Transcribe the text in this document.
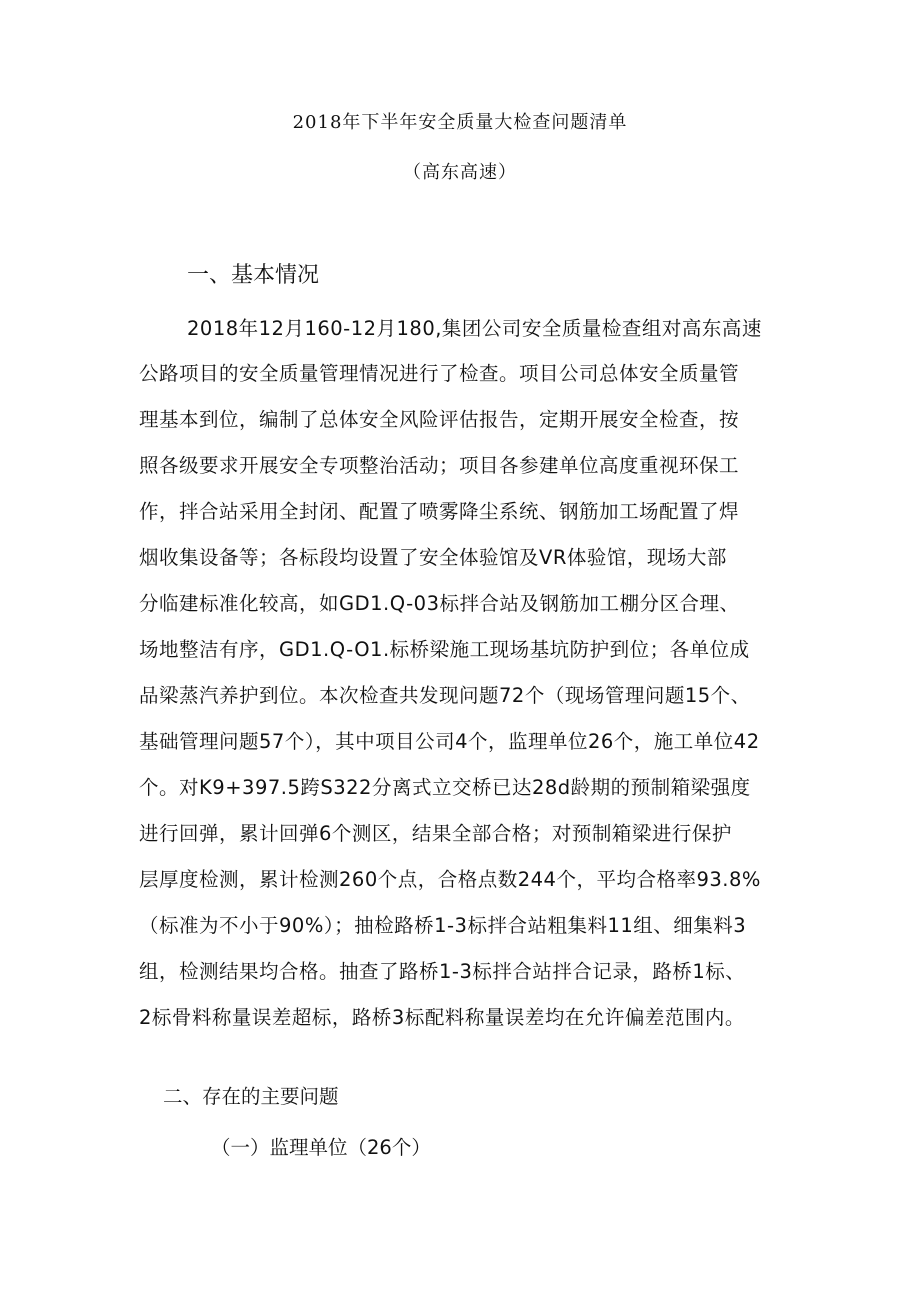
2018年下半年安全质量大检查问题清单
（高东高速）
一、基本情况
2018年12月160-12月180,集团公司安全质量检查组对高东高速
公路项目的安全质量管理情况进行了检查。项目公司总体安全质量管
理基本到位，编制了总体安全风险评估报告，定期开展安全检查，按
照各级要求开展安全专项整治活动；项目各参建单位高度重视环保工
作，拌合站采用全封闭、配置了喷雾降尘系统、钢筋加工场配置了焊
烟收集设备等；各标段均设置了安全体验馆及VR体验馆，现场大部
分临建标准化较高，如GD1.Q-03标拌合站及钢筋加工棚分区合理、
场地整洁有序，GD1.Q-O1.标桥梁施工现场基坑防护到位；各单位成
品梁蒸汽养护到位。本次检查共发现问题72个（现场管理问题15个、
基础管理问题57个），其中项目公司4个，监理单位26个，施工单位42
个。对K9+397.5跨S322分离式立交桥已达28d龄期的预制箱梁强度
进行回弹，累计回弹6个测区，结果全部合格；对预制箱梁进行保护
层厚度检测，累计检测260个点，合格点数244个，平均合格率93.8%
（标准为不小于90%）；抽检路桥1-3标拌合站粗集料11组、细集料3
组，检测结果均合格。抽查了路桥1-3标拌合站拌合记录，路桥1标、
2标骨料称量误差超标，路桥3标配料称量误差均在允许偏差范围内。
二、存在的主要问题
（一）监理单位（26个）
